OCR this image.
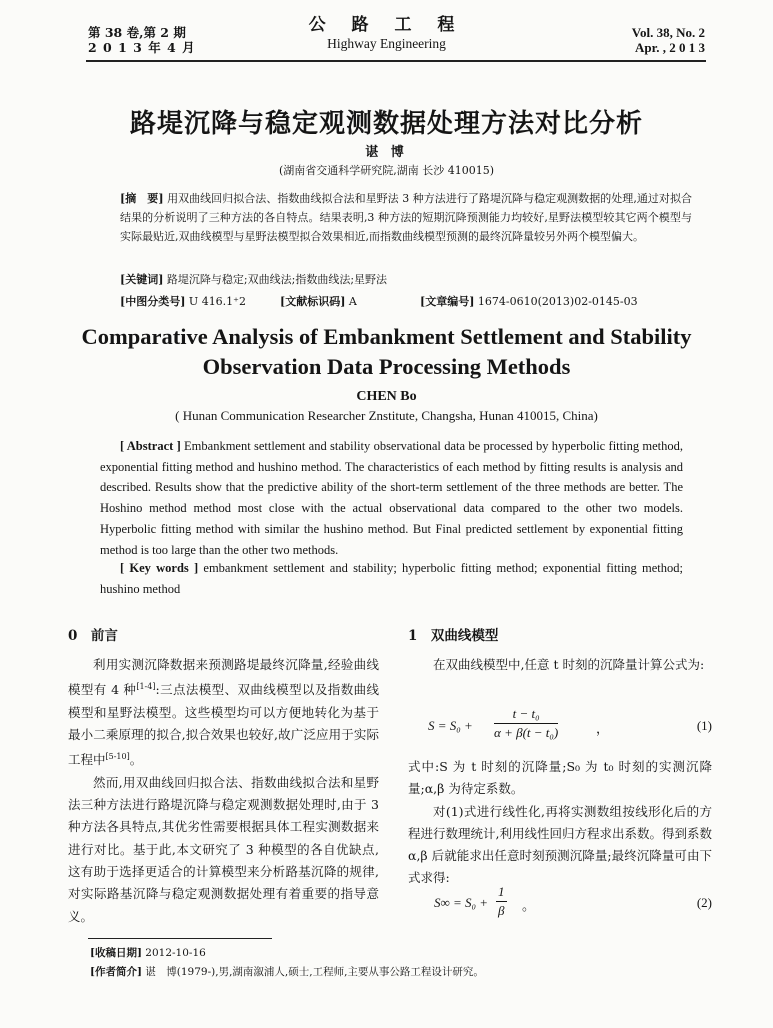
第 38 卷,第 2 期
2 0 1 3 年 4 月
公 路 工 程
Highway Engineering
Vol. 38, No. 2
Apr. , 2 0 1 3
路堤沉降与稳定观测数据处理方法对比分析
谌 博
(湖南省交通科学研究院,湖南 长沙 410015)
[摘　要] 用双曲线回归拟合法、指数曲线拟合法和星野法 3 种方法进行了路堤沉降与稳定观测数据的处理,通过对拟合结果的分析说明了三种方法的各自特点。结果表明,3 种方法的短期沉降预测能力均较好,星野法模型较其它两个模型与实际最贴近,双曲线模型与星野法模型拟合效果相近,而指数曲线模型预测的最终沉降量较另外两个模型偏大。
[关键词] 路堤沉降与稳定;双曲线法;指数曲线法;星野法
[中图分类号] U 416.1⁺2	[文献标识码] A	[文章编号] 1674-0610(2013)02-0145-03
Comparative Analysis of Embankment Settlement and Stability
Observation Data Processing Methods
CHEN Bo
( Hunan Communication Researcher Znstitute, Changsha, Hunan 410015, China)
[ Abstract ] Embankment settlement and stability observational data be processed by hyperbolic fitting method, exponential fitting method and hushino method. The characteristics of each method by fitting results is analysis and described. Results show that the predictive ability of the short-term settlement of the three methods are better. The Hoshino method method most close with the actual observational data compared to the other two models. Hyperbolic fitting method with similar the hushino method. But Final predicted settlement by exponential fitting method is too large than the other two methods.
[ Key words ] embankment settlement and stability; hyperbolic fitting method; exponential fitting method; hushino method
0　前言

利用实测沉降数据来预测路堤最终沉降量,经验曲线模型有 4 种[1-4]:三点法模型、双曲线模型以及指数曲线模型和星野法模型。这些模型均可以方便地转化为基于最小二乘原理的拟合,拟合效果也较好,故广泛应用于实际工程中[5-10]。

然而,用双曲线回归拟合法、指数曲线拟合法和星野法三种方法进行路堤沉降与稳定观测数据处理时,由于 3 种方法各具特点,其优劣性需要根据具体工程实测数据来进行对比。基于此,本文研究了 3 种模型的各自优缺点,这有助于选择更适合的计算模型来分析路基沉降的规律,对实际路基沉降与稳定观测数据处理有着重要的指导意义。

1　双曲线模型

在双曲线模型中,任意 t 时刻的沉降量计算公式为:

$S = S_0 + \frac{\text{t − t₀}}{\text{α + β(t − t₀)}}$	，	(1)

式中:S 为 t 时刻的沉降量;S₀ 为 t₀ 时刻的实测沉降量;α,β 为待定系数。

对(1)式进行线性化,再将实测数组按线形化后的方程进行数理统计,利用线性回归方程求出系数。得到系数 α,β 后就能求出任意时刻预测沉降量;最终沉降量可由下式求得:

$S\infty = S_0 + \frac{1}{\beta}$ 。	(2)
[收稿日期] 2012-10-16
[作者简介] 谌　博(1979-),男,湖南溆浦人,硕士,工程师,主要从事公路工程设计研究。
